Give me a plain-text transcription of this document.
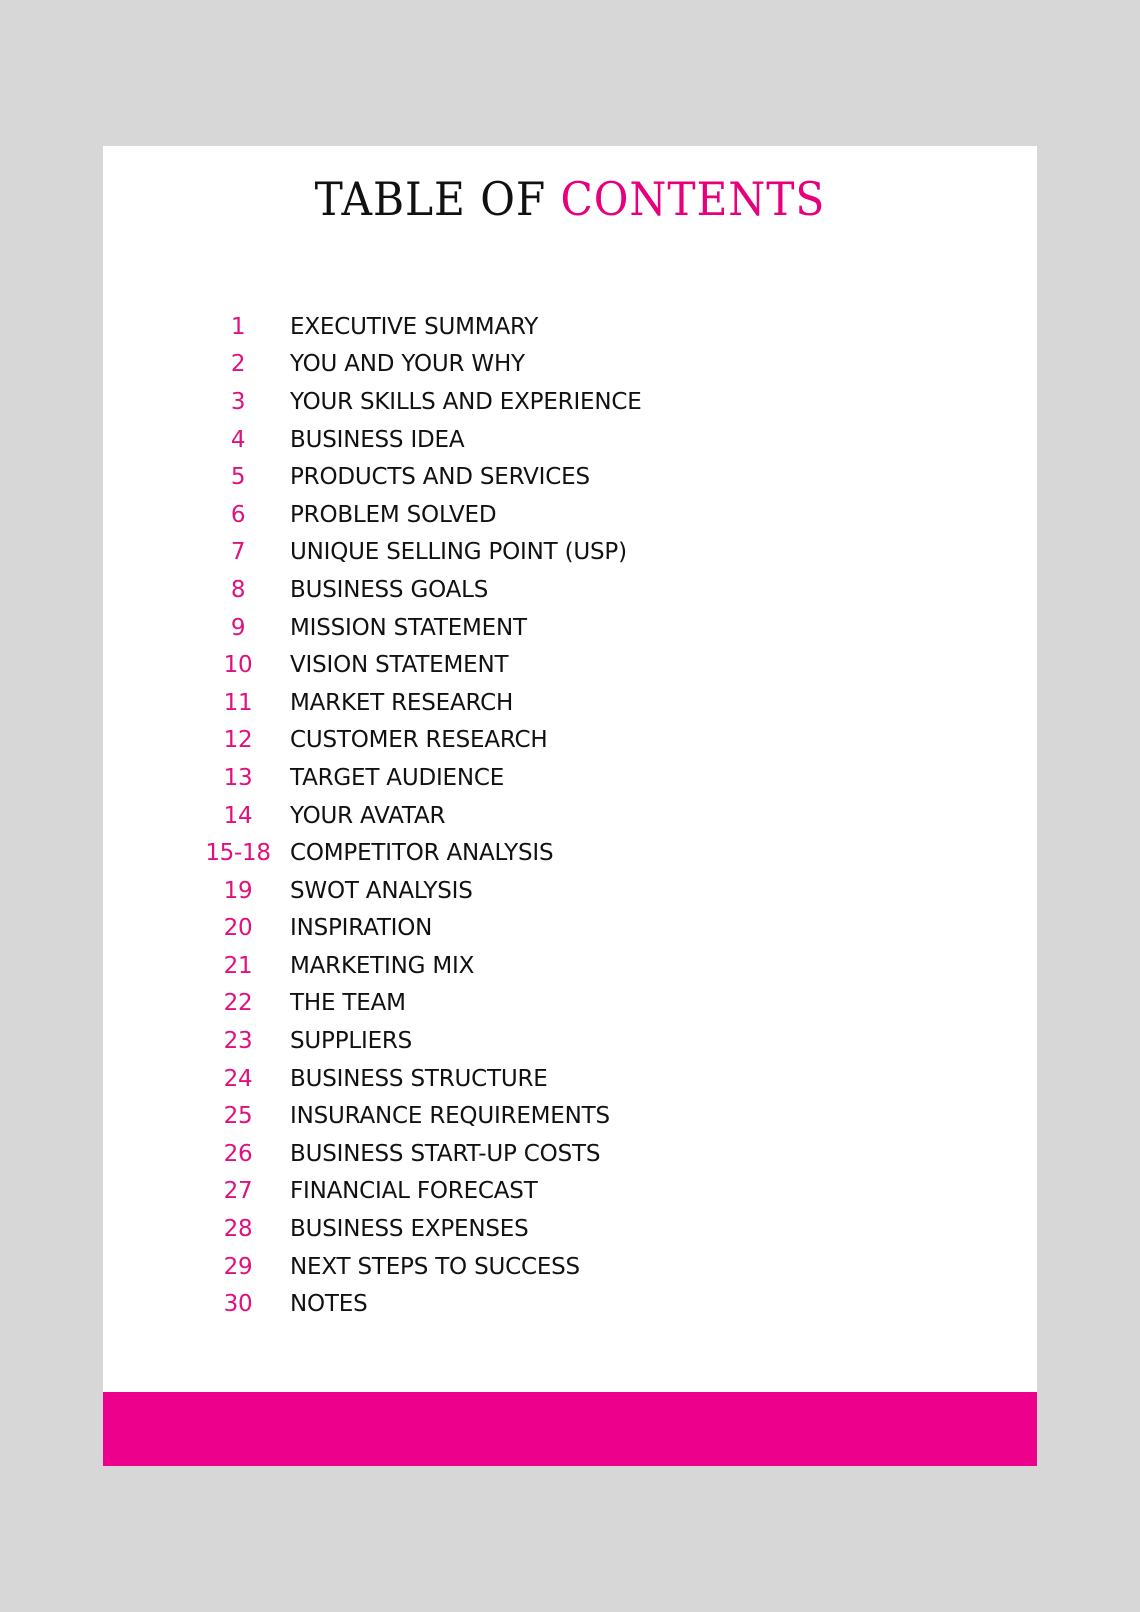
TABLE OF CONTENTS
1	EXECUTIVE SUMMARY
2	YOU AND YOUR WHY
3	YOUR SKILLS AND EXPERIENCE
4	BUSINESS IDEA
5	PRODUCTS AND SERVICES
6	PROBLEM SOLVED
7	UNIQUE SELLING POINT (USP)
8	BUSINESS GOALS
9	MISSION STATEMENT
10	VISION STATEMENT
11	MARKET RESEARCH
12	CUSTOMER RESEARCH
13	TARGET AUDIENCE
14	YOUR AVATAR
15-18 COMPETITOR ANALYSIS
19	SWOT ANALYSIS
20	INSPIRATION
21	MARKETING MIX
22	THE TEAM
23	SUPPLIERS
24	BUSINESS STRUCTURE
25	INSURANCE REQUIREMENTS
26	BUSINESS START-UP COSTS
27	FINANCIAL FORECAST
28	BUSINESS EXPENSES
29	NEXT STEPS TO SUCCESS
30	NOTES
